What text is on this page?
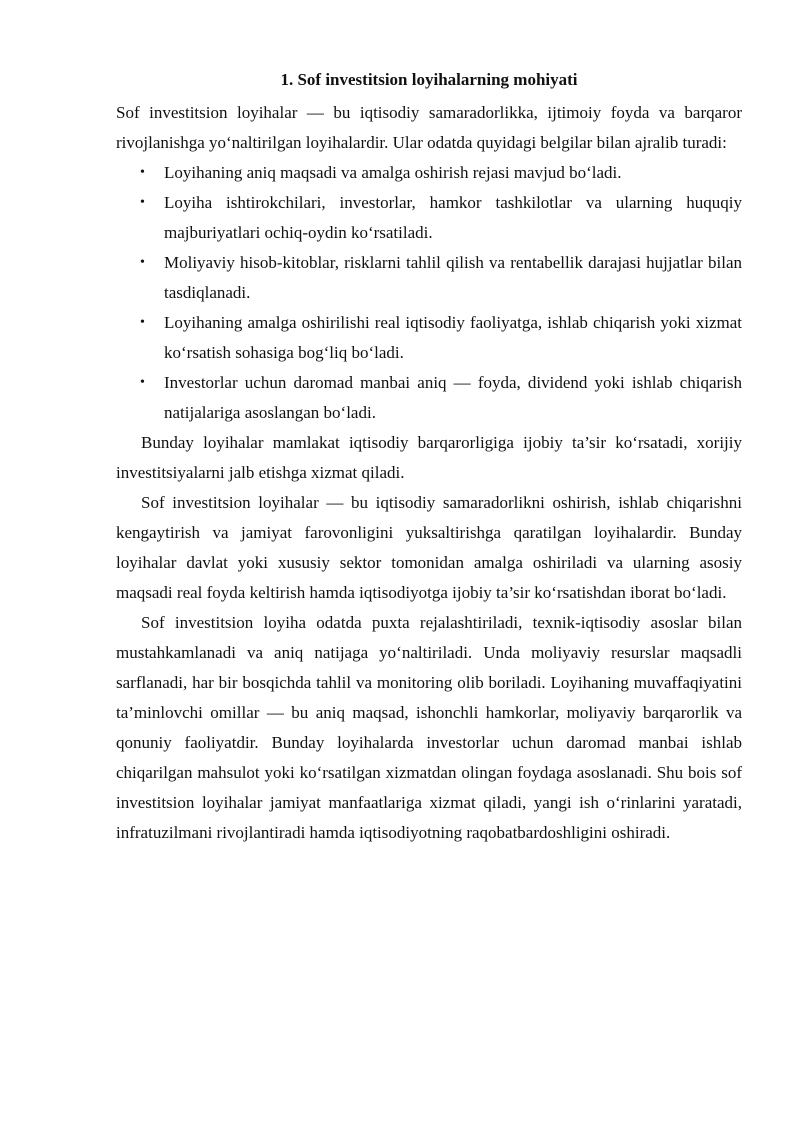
1. Sof investitsion loyihalarning mohiyati

Sof investitsion loyihalar — bu iqtisodiy samaradorlikka, ijtimoiy foyda va barqaror rivojlanishga yo‘naltirilgan loyihalardir. Ular odatda quyidagi belgilar bilan ajralib turadi:

• Loyihaning aniq maqsadi va amalga oshirish rejasi mavjud bo‘ladi.
• Loyiha ishtirokchilari, investorlar, hamkor tashkilotlar va ularning huquqiy majburiyatlari ochiq-oydin ko‘rsatiladi.
• Moliyaviy hisob-kitoblar, risklarni tahlil qilish va rentabellik darajasi hujjatlar bilan tasdiqlanadi.
• Loyihaning amalga oshirilishi real iqtisodiy faoliyatga, ishlab chiqarish yoki xizmat ko‘rsatish sohasiga bog‘liq bo‘ladi.
• Investorlar uchun daromad manbai aniq — foyda, dividend yoki ishlab chiqarish natijalariga asoslangan bo‘ladi.

Bunday loyihalar mamlakat iqtisodiy barqarorligiga ijobiy ta’sir ko‘rsatadi, xorijiy investitsiyalarni jalb etishga xizmat qiladi.

Sof investitsion loyihalar — bu iqtisodiy samaradorlikni oshirish, ishlab chiqarishni kengaytirish va jamiyat farovonligini yuksaltirishga qaratilgan loyihalardir. Bunday loyihalar davlat yoki xususiy sektor tomonidan amalga oshiriladi va ularning asosiy maqsadi real foyda keltirish hamda iqtisodiyotga ijobiy ta’sir ko‘rsatishdan iborat bo‘ladi.

Sof investitsion loyiha odatda puxta rejalashtiriladi, texnik-iqtisodiy asoslar bilan mustahkamlanadi va aniq natijaga yo‘naltiriladi. Unda moliyaviy resurslar maqsadli sarflanadi, har bir bosqichda tahlil va monitoring olib boriladi. Loyihaning muvaffaqiyatini ta’minlovchi omillar — bu aniq maqsad, ishonchli hamkorlar, moliyaviy barqarorlik va qonuniy faoliyatdir. Bunday loyihalarda investorlar uchun daromad manbai ishlab chiqarilgan mahsulot yoki ko‘rsatilgan xizmatdan olingan foydaga asoslanadi. Shu bois sof investitsion loyihalar jamiyat manfaatlariga xizmat qiladi, yangi ish o‘rinlarini yaratadi, infratuzilmani rivojlantiradi hamda iqtisodiyotning raqobatbardoshligini oshiradi.
